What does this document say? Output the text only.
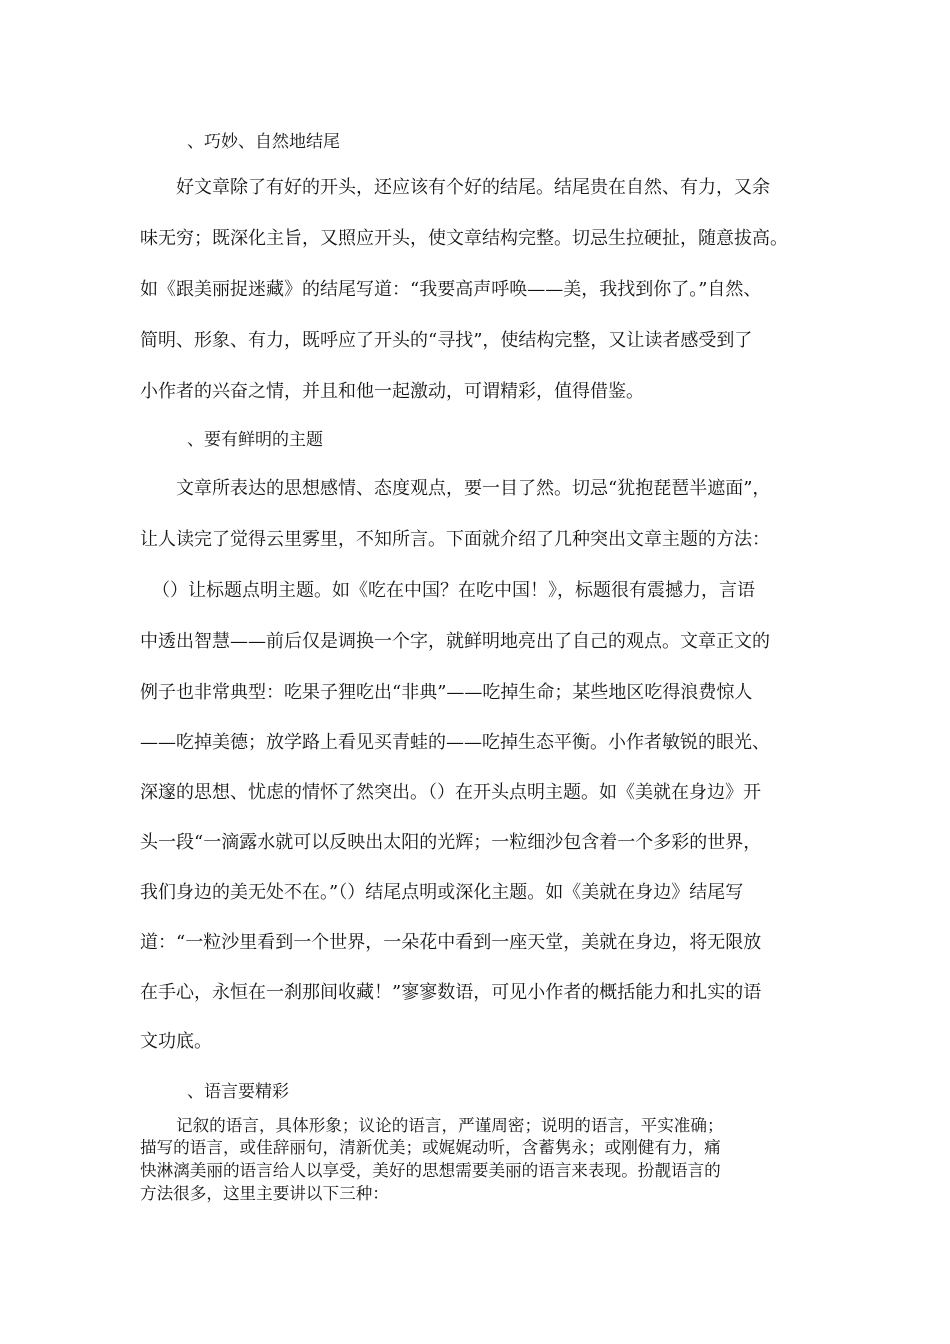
、巧妙、自然地结尾
好文章除了有好的开头，还应该有个好的结尾。结尾贵在自然、有力，又余
味无穷；既深化主旨，又照应开头，使文章结构完整。切忌生拉硬扯，随意拔高。
如《跟美丽捉迷藏》的结尾写道：“我要高声呼唤——美，我找到你了。”自然、
简明、形象、有力，既呼应了开头的“寻找”，使结构完整，又让读者感受到了
小作者的兴奋之情，并且和他一起激动，可谓精彩，值得借鉴。
、要有鲜明的主题
文章所表达的思想感情、态度观点，要一目了然。切忌“犹抱琵琶半遮面”，
让人读完了觉得云里雾里，不知所言。下面就介绍了几种突出文章主题的方法：
（）让标题点明主题。如《吃在中国？在吃中国！》，标题很有震撼力，言语
中透出智慧——前后仅是调换一个字，就鲜明地亮出了自己的观点。文章正文的
例子也非常典型：吃果子狸吃出“非典”——吃掉生命；某些地区吃得浪费惊人
——吃掉美德；放学路上看见买青蛙的——吃掉生态平衡。小作者敏锐的眼光、
深邃的思想、忧虑的情怀了然突出。（）在开头点明主题。如《美就在身边》开
头一段“一滴露水就可以反映出太阳的光辉；一粒细沙包含着一个多彩的世界，
我们身边的美无处不在。”（）结尾点明或深化主题。如《美就在身边》结尾写
道：“一粒沙里看到一个世界，一朵花中看到一座天堂，美就在身边，将无限放
在手心，永恒在一刹那间收藏！”寥寥数语，可见小作者的概括能力和扎实的语
文功底。
、语言要精彩
记叙的语言，具体形象；议论的语言，严谨周密；说明的语言，平实准确；
描写的语言，或佳辞丽句，清新优美；或娓娓动听，含蓄隽永；或刚健有力，痛
快淋漓美丽的语言给人以享受，美好的思想需要美丽的语言来表现。扮靓语言的
方法很多，这里主要讲以下三种：
